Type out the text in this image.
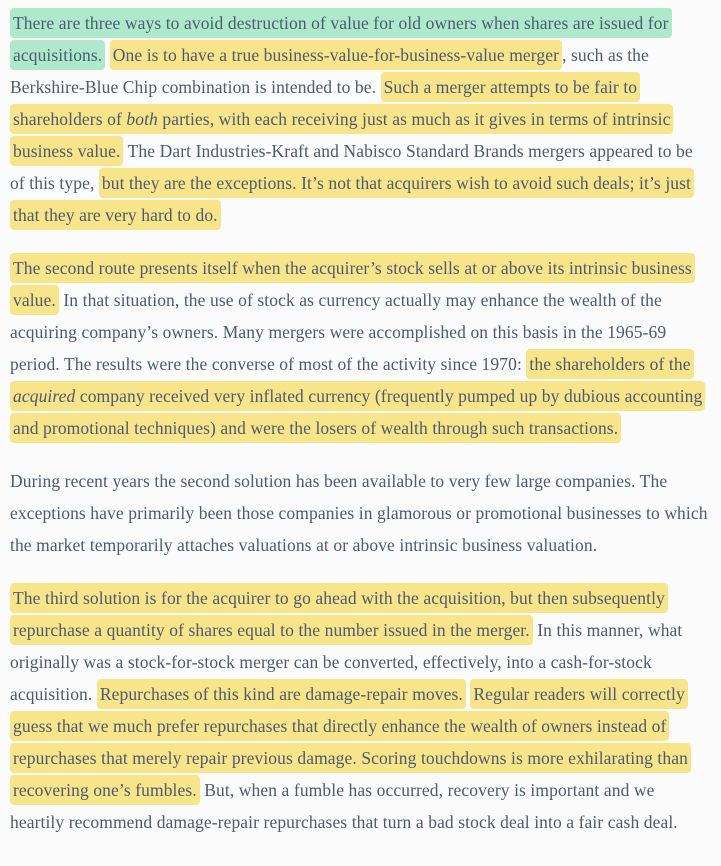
There are three ways to avoid destruction of value for old owners when shares are issued for acquisitions. One is to have a true business-value-for-business-value merger , such as the Berkshire-Blue Chip combination is intended to be. Such a merger attempts to be fair to shareholders of both parties, with each receiving just as much as it gives in terms of intrinsic business value. The Dart Industries-Kraft and Nabisco Standard Brands mergers appeared to be of this type, but they are the exceptions. It’s not that acquirers wish to avoid such deals; it’s just that they are very hard to do.

The second route presents itself when the acquirer’s stock sells at or above its intrinsic business value. In that situation, the use of stock as currency actually may enhance the wealth of the acquiring company’s owners. Many mergers were accomplished on this basis in the 1965-69 period. The results were the converse of most of the activity since 1970: the shareholders of the acquired company received very inflated currency (frequently pumped up by dubious accounting and promotional techniques) and were the losers of wealth through such transactions.

During recent years the second solution has been available to very few large companies. The exceptions have primarily been those companies in glamorous or promotional businesses to which the market temporarily attaches valuations at or above intrinsic business valuation.

The third solution is for the acquirer to go ahead with the acquisition, but then subsequently repurchase a quantity of shares equal to the number issued in the merger. In this manner, what originally was a stock-for-stock merger can be converted, effectively, into a cash-for-stock acquisition. Repurchases of this kind are damage-repair moves. Regular readers will correctly guess that we much prefer repurchases that directly enhance the wealth of owners instead of repurchases that merely repair previous damage. Scoring touchdowns is more exhilarating than recovering one’s fumbles. But, when a fumble has occurred, recovery is important and we heartily recommend damage-repair repurchases that turn a bad stock deal into a fair cash deal.
